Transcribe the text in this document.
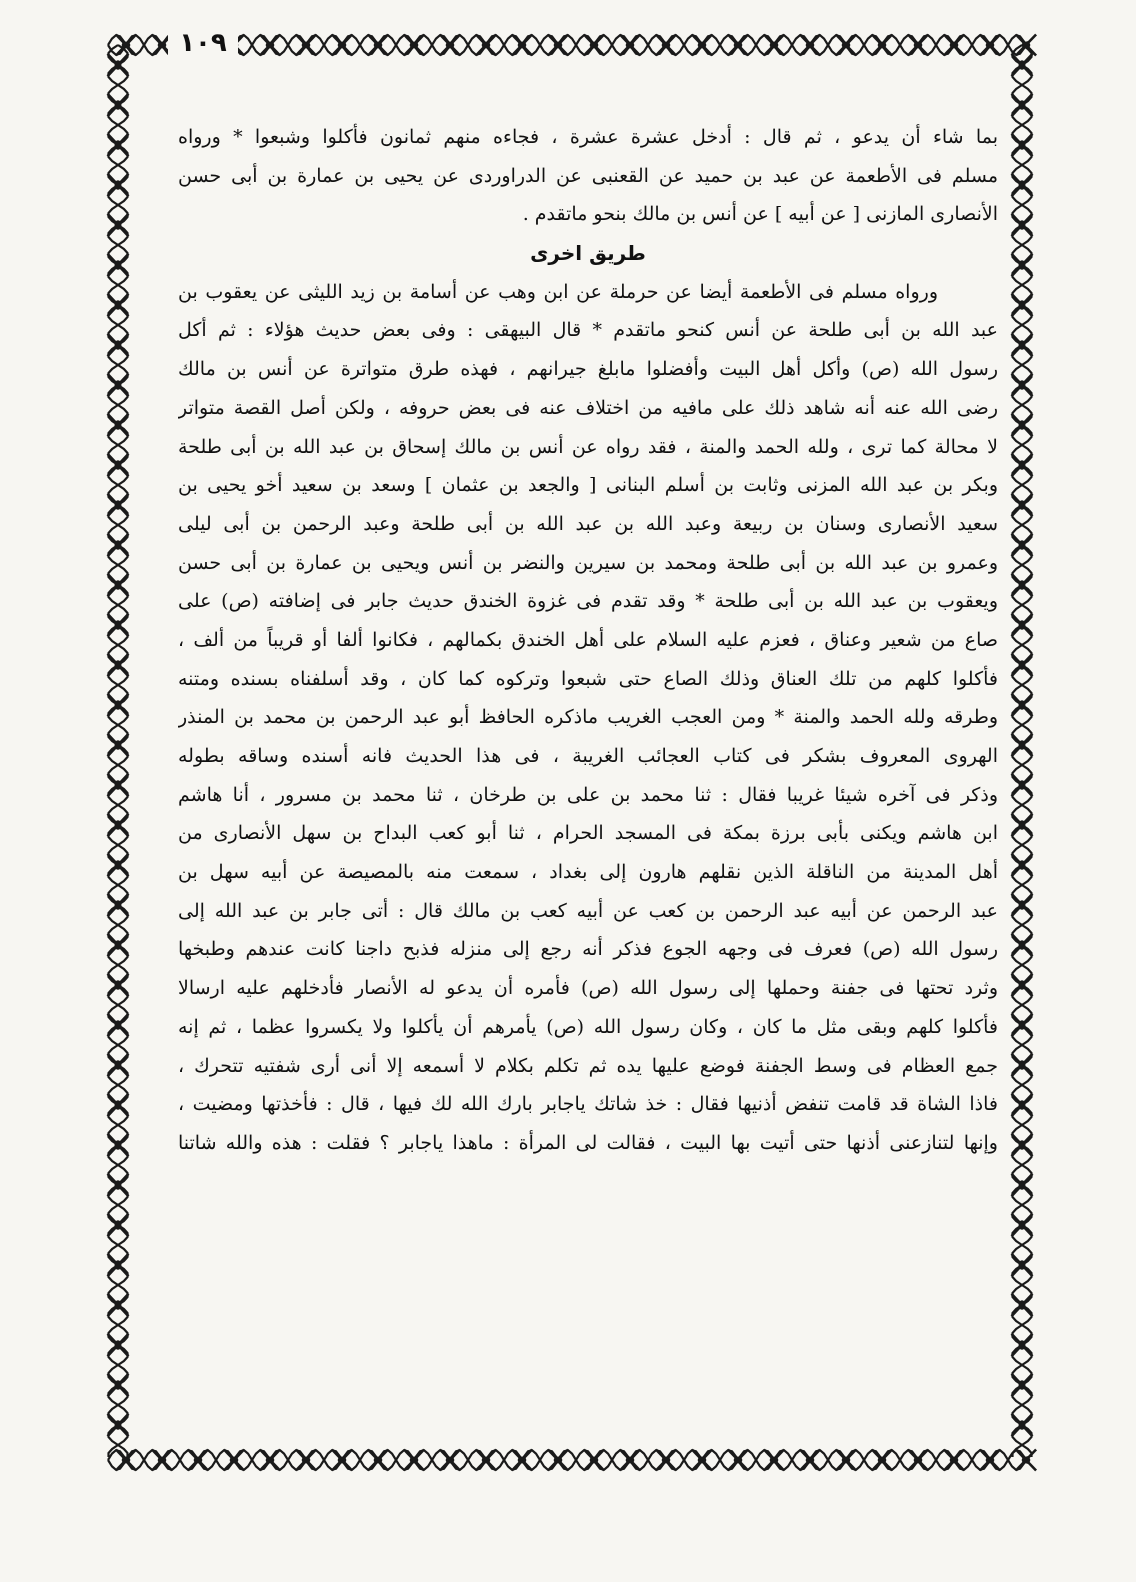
١٠٩
بما شاء أن يدعو ، ثم قال : أدخل عشرة عشرة ، فجاءه منهم ثمانون فأكلوا وشبعوا * ورواه
مسلم فى الأطعمة عن عبد بن حميد عن القعنبى عن الدراوردى عن يحيى بن عمارة بن أبى حسن
الأنصارى المازنى [ عن أبيه ] عن أنس بن مالك بنحو ماتقدم .
طريق اخرى
ورواه مسلم فى الأطعمة أيضا عن حرملة عن ابن وهب عن أسامة بن زيد الليثى عن يعقوب بن
عبد الله بن أبى طلحة عن أنس كنحو ماتقدم * قال البيهقى : وفى بعض حديث هؤلاء : ثم أكل
رسول الله (ص) وأكل أهل البيت وأفضلوا مابلغ جيرانهم ، فهذه طرق متواترة عن أنس بن مالك
رضى الله عنه أنه شاهد ذلك على مافيه من اختلاف عنه فى بعض حروفه ، ولكن أصل القصة متواتر
لا محالة كما ترى ، ولله الحمد والمنة ، فقد رواه عن أنس بن مالك إسحاق بن عبد الله بن أبى طلحة
وبكر بن عبد الله المزنى وثابت بن أسلم البنانى [ والجعد بن عثمان ] وسعد بن سعيد أخو يحيى بن
سعيد الأنصارى وسنان بن ربيعة وعبد الله بن عبد الله بن أبى طلحة وعبد الرحمن بن أبى ليلى
وعمرو بن عبد الله بن أبى طلحة ومحمد بن سيرين والنضر بن أنس ويحيى بن عمارة بن أبى حسن
ويعقوب بن عبد الله بن أبى طلحة * وقد تقدم فى غزوة الخندق حديث جابر فى إضافته (ص) على
صاع من شعير وعناق ، فعزم عليه السلام على أهل الخندق بكمالهم ، فكانوا ألفا أو قريباً من ألف ،
فأكلوا كلهم من تلك العناق وذلك الصاع حتى شبعوا وتركوه كما كان ، وقد أسلفناه بسنده ومتنه
وطرقه ولله الحمد والمنة * ومن العجب الغريب ماذكره الحافظ أبو عبد الرحمن بن محمد بن المنذر
الهروى المعروف بشكر فى كتاب العجائب الغريبة ، فى هذا الحديث فانه أسنده وساقه بطوله
وذكر فى آخره شيئا غريبا فقال : ثنا محمد بن على بن طرخان ، ثنا محمد بن مسرور ، أنا هاشم
ابن هاشم ويكنى بأبى برزة بمكة فى المسجد الحرام ، ثنا أبو كعب البداح بن سهل الأنصارى من
أهل المدينة من الناقلة الذين نقلهم هارون إلى بغداد ، سمعت منه بالمصيصة عن أبيه سهل بن
عبد الرحمن عن أبيه عبد الرحمن بن كعب عن أبيه كعب بن مالك قال : أتى جابر بن عبد الله إلى
رسول الله (ص) فعرف فى وجهه الجوع فذكر أنه رجع إلى منزله فذبح داجنا كانت عندهم وطبخها
وثرد تحتها فى جفنة وحملها إلى رسول الله (ص) فأمره أن يدعو له الأنصار فأدخلهم عليه ارسالا
فأكلوا كلهم وبقى مثل ما كان ، وكان رسول الله (ص) يأمرهم أن يأكلوا ولا يكسروا عظما ، ثم إنه
جمع العظام فى وسط الجفنة فوضع عليها يده ثم تكلم بكلام لا أسمعه إلا أنى أرى شفتيه تتحرك ،
فاذا الشاة قد قامت تنفض أذنيها فقال : خذ شاتك ياجابر بارك الله لك فيها ، قال : فأخذتها ومضيت ،
وإنها لتنازعنى أذنها حتى أتيت بها البيت ، فقالت لى المرأة : ماهذا ياجابر ؟ فقلت : هذه والله شاتنا
